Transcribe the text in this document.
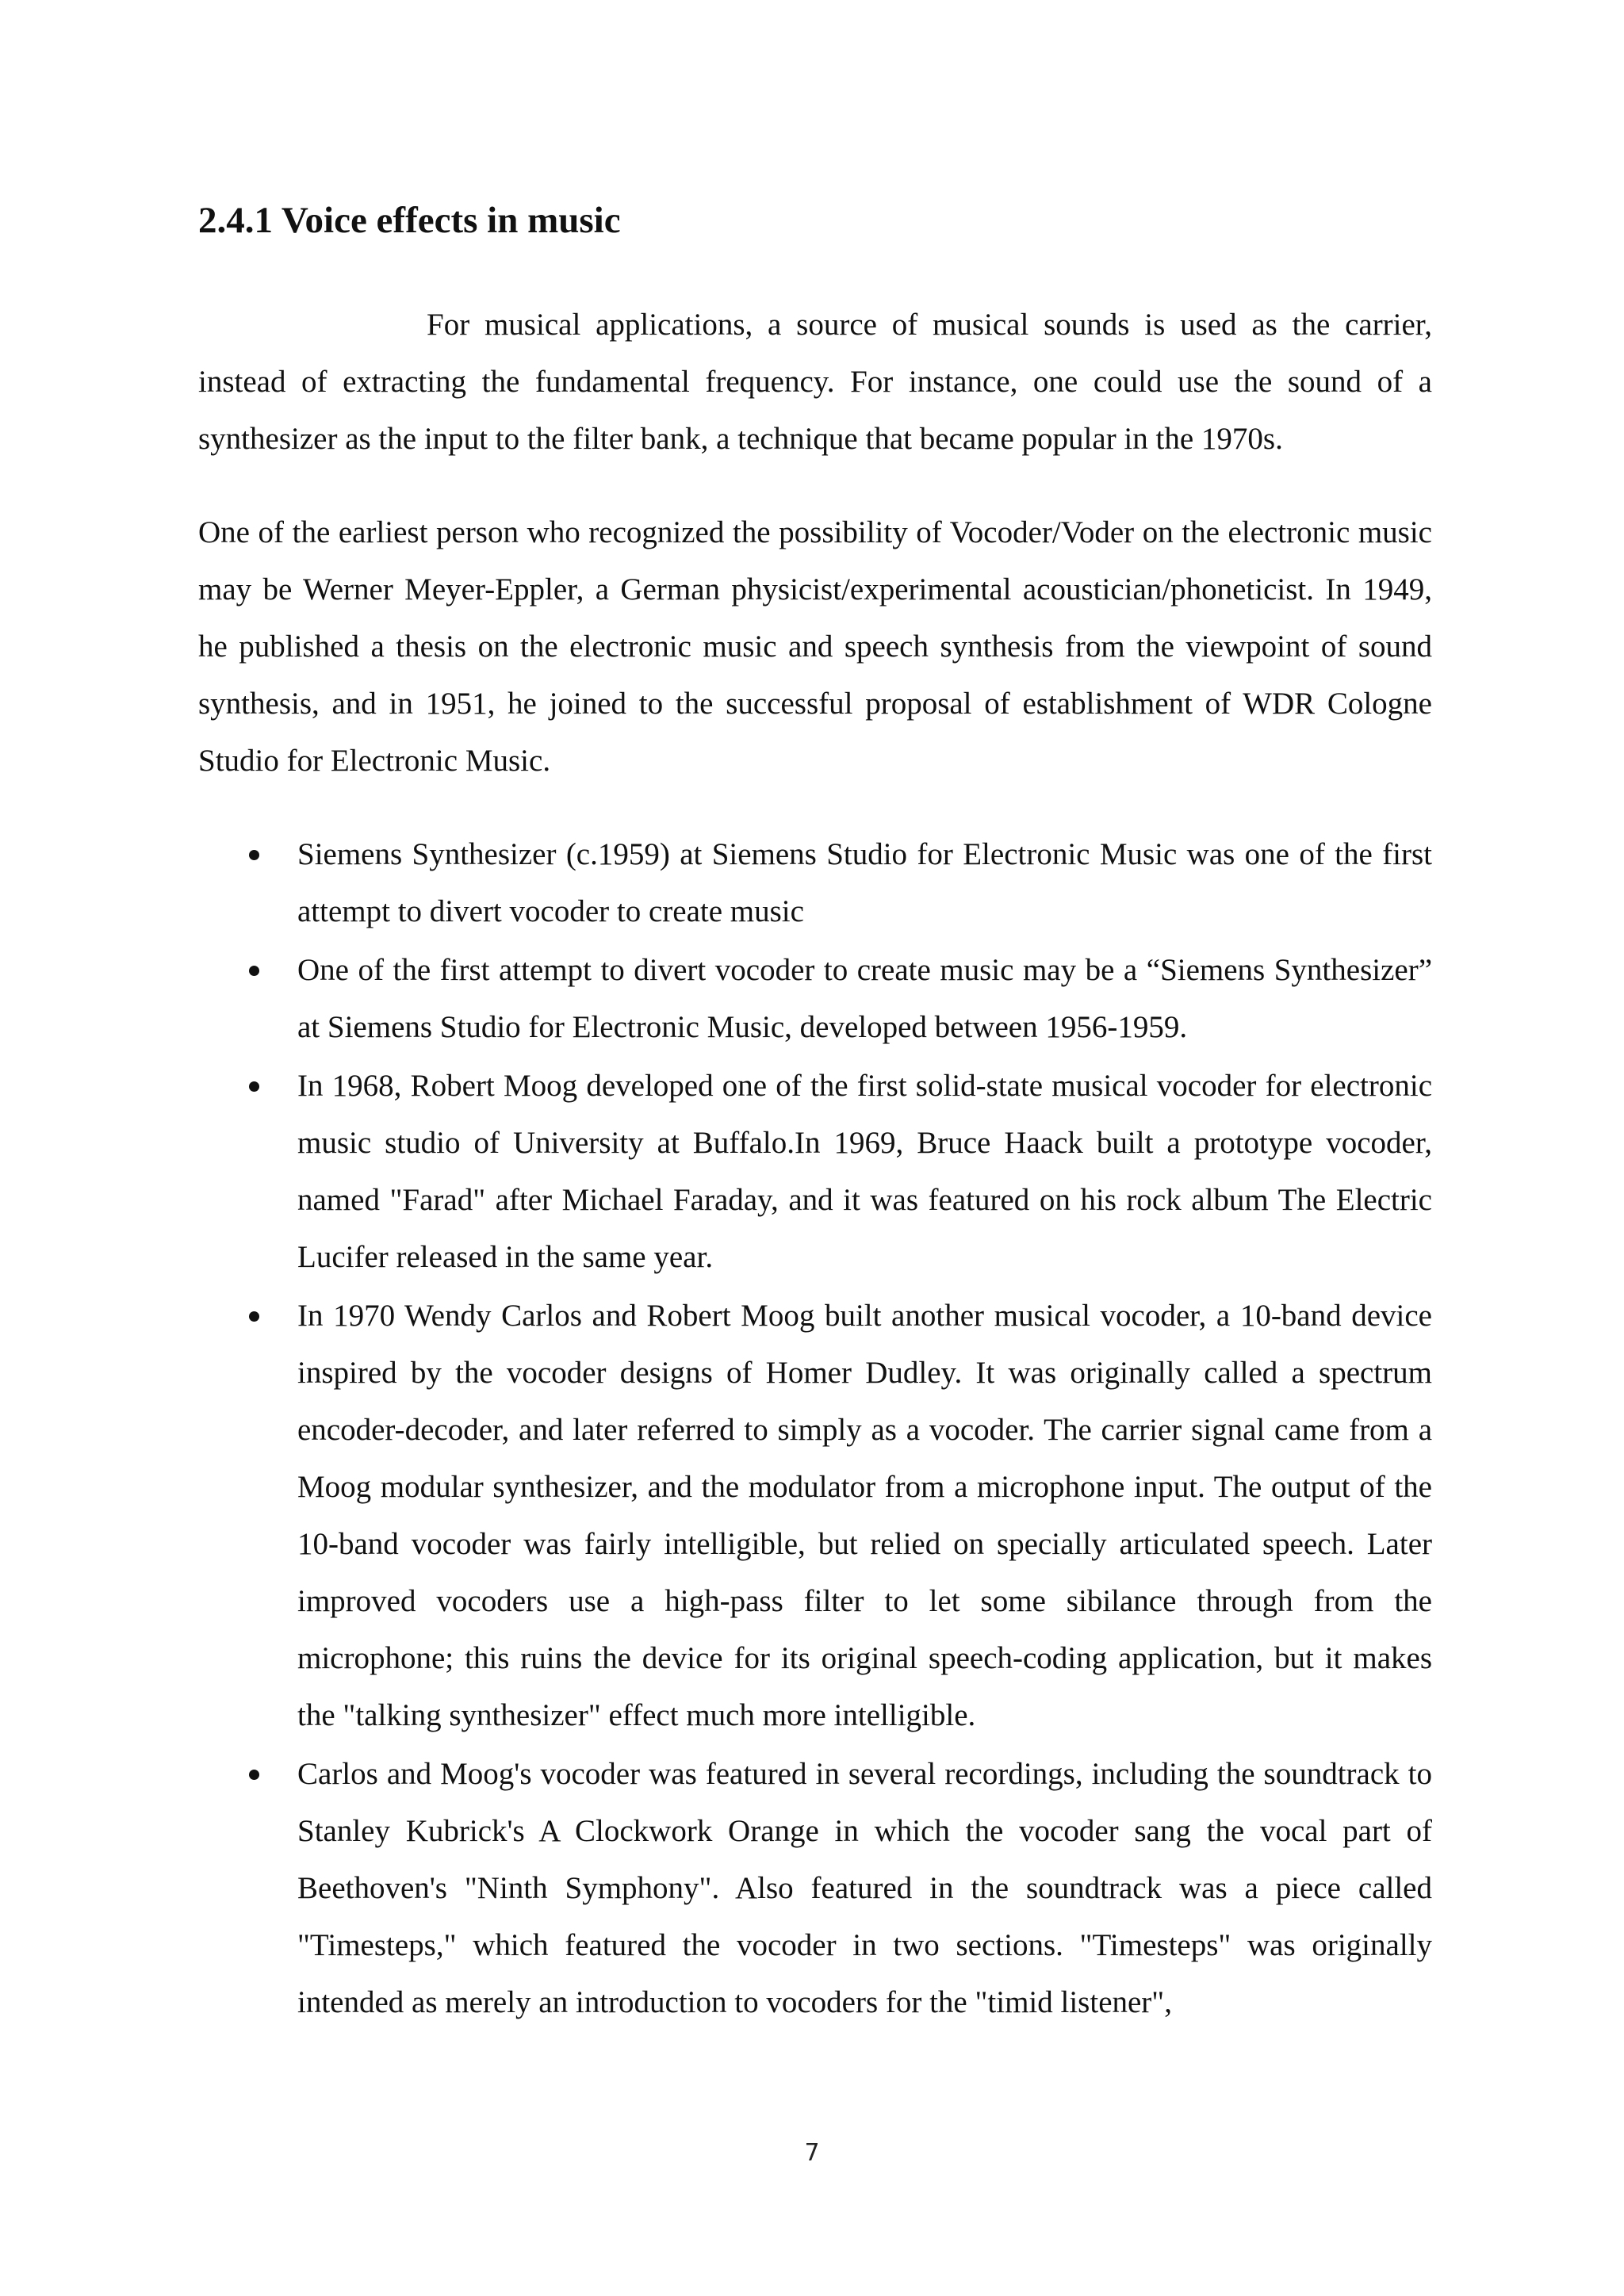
2.4.1 Voice effects in music

For musical applications, a source of musical sounds is used as the carrier, instead of extracting the fundamental frequency. For instance, one could use the sound of a synthesizer as the input to the filter bank, a technique that became popular in the 1970s.

One of the earliest person who recognized the possibility of Vocoder/Voder on the electronic music may be Werner Meyer-Eppler, a German physicist/experimental acoustician/phoneticist. In 1949, he published a thesis on the electronic music and speech synthesis from the viewpoint of sound synthesis, and in 1951, he joined to the successful proposal of establishment of WDR Cologne Studio for Electronic Music.

Siemens Synthesizer (c.1959) at Siemens Studio for Electronic Music was one of the first attempt to divert vocoder to create music
One of the first attempt to divert vocoder to create music may be a “Siemens Synthesizer” at Siemens Studio for Electronic Music, developed between 1956-1959.
In 1968, Robert Moog developed one of the first solid-state musical vocoder for electronic music studio of University at Buffalo.In 1969, Bruce Haack built a prototype vocoder, named "Farad" after Michael Faraday, and it was featured on his rock album The Electric Lucifer released in the same year.
In 1970 Wendy Carlos and Robert Moog built another musical vocoder, a 10-band device inspired by the vocoder designs of Homer Dudley. It was originally called a spectrum encoder-decoder, and later referred to simply as a vocoder. The carrier signal came from a Moog modular synthesizer, and the modulator from a microphone input. The output of the 10-band vocoder was fairly intelligible, but relied on specially articulated speech. Later improved vocoders use a high-pass filter to let some sibilance through from the microphone; this ruins the device for its original speech-coding application, but it makes the "talking synthesizer" effect much more intelligible.
Carlos and Moog's vocoder was featured in several recordings, including the soundtrack to Stanley Kubrick's A Clockwork Orange in which the vocoder sang the vocal part of Beethoven's "Ninth Symphony". Also featured in the soundtrack was a piece called "Timesteps," which featured the vocoder in two sections. "Timesteps" was originally intended as merely an introduction to vocoders for the "timid listener",
7
